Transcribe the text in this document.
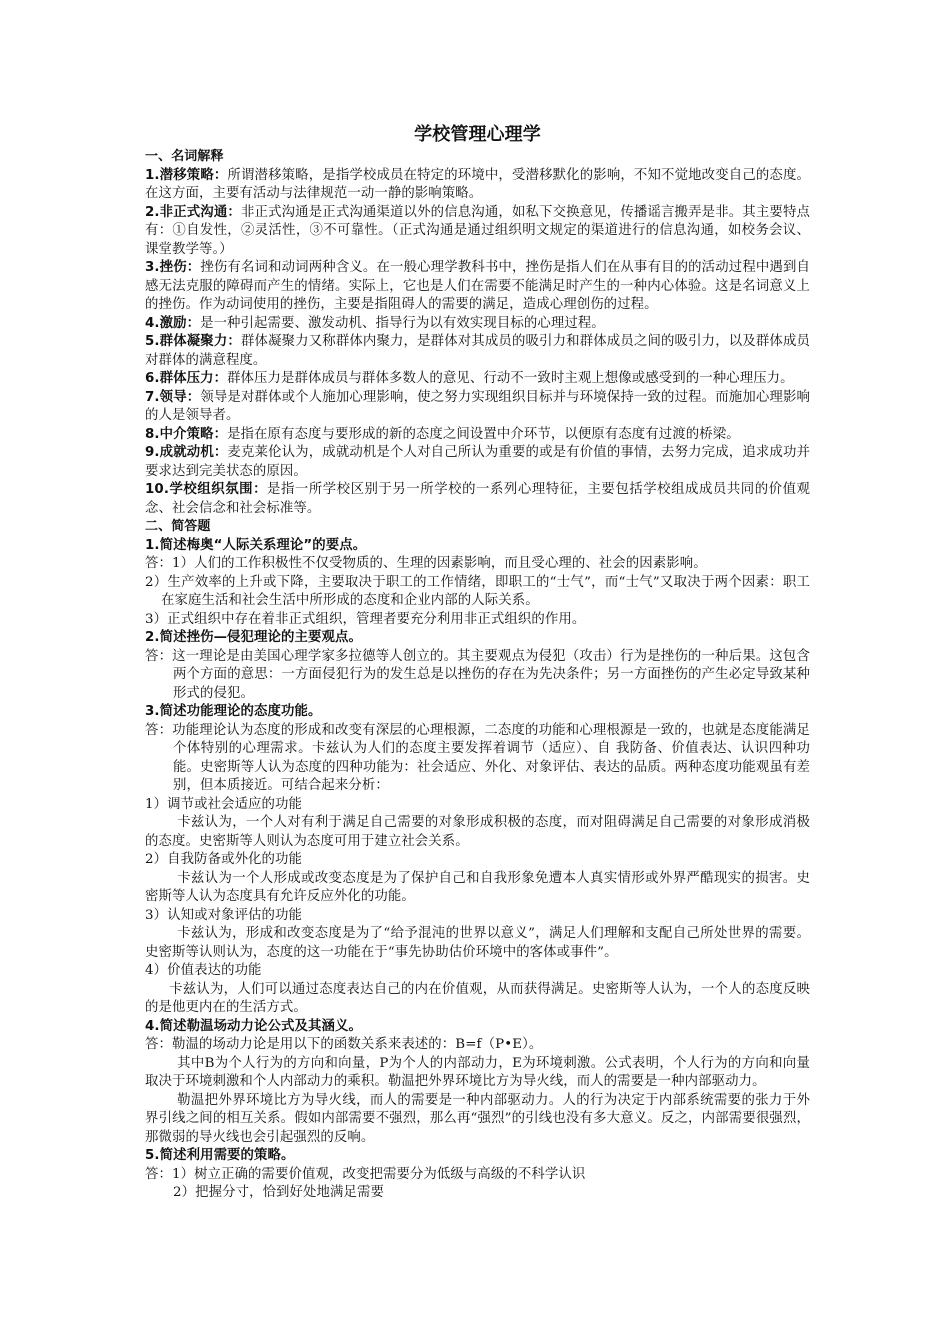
学校管理心理学
一、名词解释
1.潜移策略：所谓潜移策略，是指学校成员在特定的环境中，受潜移默化的影响，不知不觉地改变自己的态度。在这方面，主要有活动与法律规范一动一静的影响策略。
2.非正式沟通：非正式沟通是正式沟通渠道以外的信息沟通，如私下交换意见，传播谣言搬弄是非。其主要特点有：①自发性，②灵活性，③不可靠性。（正式沟通是通过组织明文规定的渠道进行的信息沟通，如校务会议、课堂教学等。）
3.挫伤：挫伤有名词和动词两种含义。在一般心理学教科书中，挫伤是指人们在从事有目的的活动过程中遇到自感无法克服的障碍而产生的情绪。实际上，它也是人们在需要不能满足时产生的一种内心体验。这是名词意义上的挫伤。作为动词使用的挫伤，主要是指阻碍人的需要的满足，造成心理创伤的过程。
4.激励：是一种引起需要、激发动机、指导行为以有效实现目标的心理过程。
5.群体凝聚力：群体凝聚力又称群体内聚力，是群体对其成员的吸引力和群体成员之间的吸引力，以及群体成员对群体的满意程度。
6.群体压力：群体压力是群体成员与群体多数人的意见、行动不一致时主观上想像或感受到的一种心理压力。
7.领导：领导是对群体或个人施加心理影响，使之努力实现组织目标并与环境保持一致的过程。而施加心理影响的人是领导者。
8.中介策略：是指在原有态度与要形成的新的态度之间设置中介环节，以便原有态度有过渡的桥梁。
9.成就动机：麦克莱伦认为，成就动机是个人对自己所认为重要的或是有价值的事情，去努力完成，追求成功并要求达到完美状态的原因。
10.学校组织氛围：是指一所学校区别于另一所学校的一系列心理特征，主要包括学校组成成员共同的价值观念、社会信念和社会标准等。
二、简答题
1.简述梅奥“人际关系理论”的要点。
答：1）人们的工作积极性不仅受物质的、生理的因素影响，而且受心理的、社会的因素影响。
2）生产效率的上升或下降，主要取决于职工的工作情绪，即职工的“士气”，而“士气”又取决于两个因素：职工在家庭生活和社会生活中所形成的态度和企业内部的人际关系。
3）正式组织中存在着非正式组织，管理者要充分利用非正式组织的作用。
2.简述挫伤—侵犯理论的主要观点。
答：这一理论是由美国心理学家多拉德等人创立的。其主要观点为侵犯（攻击）行为是挫伤的一种后果。这包含两个方面的意思：一方面侵犯行为的发生总是以挫伤的存在为先决条件；另一方面挫伤的产生必定导致某种形式的侵犯。
3.简述功能理论的态度功能。
答：功能理论认为态度的形成和改变有深层的心理根源，二态度的功能和心理根源是一致的，也就是态度能满足个体特别的心理需求。卡兹认为人们的态度主要发挥着调节（适应）、自 我防备、价值表达、认识四种功能。史密斯等人认为态度的四种功能为：社会适应、外化、对象评估、表达的品质。两种态度功能观虽有差别，但本质接近。可结合起来分析：
1）调节或社会适应的功能
卡兹认为，一个人对有利于满足自己需要的对象形成积极的态度，而对阻碍满足自己需要的对象形成消极的态度。史密斯等人则认为态度可用于建立社会关系。
2）自我防备或外化的功能
卡兹认为一个人形成或改变态度是为了保护自己和自我形象免遭本人真实情形或外界严酷现实的损害。史密斯等人认为态度具有允许反应外化的功能。
3）认知或对象评估的功能
卡兹认为，形成和改变态度是为了“给予混沌的世界以意义”，满足人们理解和支配自己所处世界的需要。史密斯等认则认为，态度的这一功能在于“事先协助估价环境中的客体或事件”。
4）价值表达的功能
卡兹认为，人们可以通过态度表达自己的内在价值观，从而获得满足。史密斯等人认为，一个人的态度反映的是他更内在的生活方式。
4.简述勒温场动力论公式及其涵义。
答：勒温的场动力论是用以下的函数关系来表述的：B=f（P•E）。
其中B为个人行为的方向和向量，P为个人的内部动力，E为环境刺激。公式表明，个人行为的方向和向量取决于环境刺激和个人内部动力的乘积。勒温把外界环境比方为导火线，而人的需要是一种内部驱动力。
勒温把外界环境比方为导火线，而人的需要是一种内部驱动力。人的行为决定于内部系统需要的张力于外界引线之间的相互关系。假如内部需要不强烈，那么再“强烈”的引线也没有多大意义。反之，内部需要很强烈，那微弱的导火线也会引起强烈的反响。
5.简述利用需要的策略。
答：1）树立正确的需要价值观，改变把需要分为低级与高级的不科学认识
2）把握分寸，恰到好处地满足需要
